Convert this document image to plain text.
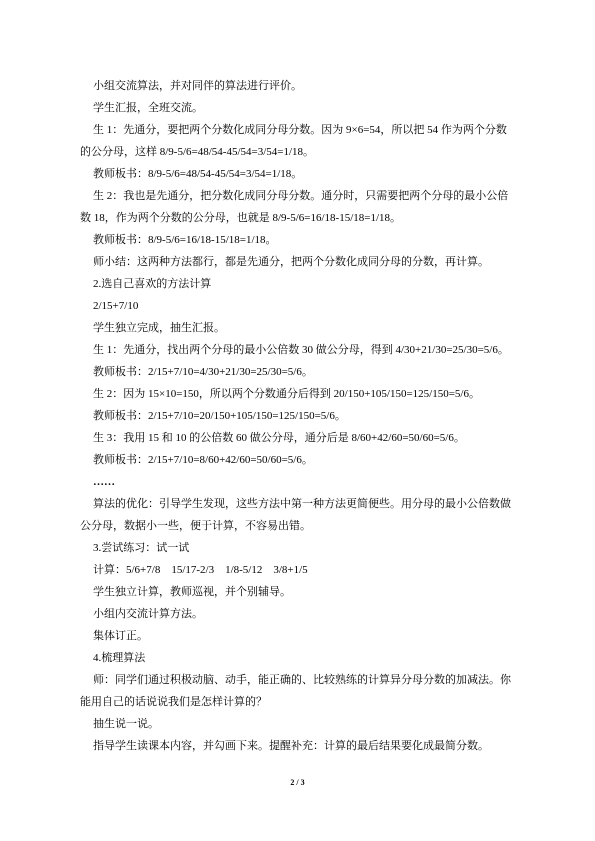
小组交流算法，并对同伴的算法进行评价。
学生汇报，全班交流。
生 1：先通分，要把两个分数化成同分母分数。因为 9×6=54，所以把 54 作为两个分数
的公分母，这样 8/9-5/6=48/54-45/54=3/54=1/18。
教师板书：8/9-5/6=48/54-45/54=3/54=1/18。
生 2：我也是先通分，把分数化成同分母分数。通分时，只需要把两个分母的最小公倍
数 18，作为两个分数的公分母，也就是 8/9-5/6=16/18-15/18=1/18。
教师板书：8/9-5/6=16/18-15/18=1/18。
师小结：这两种方法都行，都是先通分，把两个分数化成同分母的分数，再计算。
2.选自己喜欢的方法计算
2/15+7/10
学生独立完成，抽生汇报。
生 1：先通分，找出两个分母的最小公倍数 30 做公分母，得到 4/30+21/30=25/30=5/6。
教师板书：2/15+7/10=4/30+21/30=25/30=5/6。
生 2：因为 15×10=150，所以两个分数通分后得到 20/150+105/150=125/150=5/6。
教师板书：2/15+7/10=20/150+105/150=125/150=5/6。
生 3：我用 15 和 10 的公倍数 60 做公分母，通分后是 8/60+42/60=50/60=5/6。
教师板书：2/15+7/10=8/60+42/60=50/60=5/6。
……
算法的优化：引导学生发现，这些方法中第一种方法更简便些。用分母的最小公倍数做
公分母，数据小一些，便于计算，不容易出错。
3.尝试练习：试一试
计算：5/6+7/8    15/17-2/3    1/8-5/12    3/8+1/5
学生独立计算，教师巡视，并个别辅导。
小组内交流计算方法。
集体订正。
4.梳理算法
师：同学们通过积极动脑、动手，能正确的、比较熟练的计算异分母分数的加减法。你
能用自己的话说说我们是怎样计算的？
抽生说一说。
指导学生读课本内容，并勾画下来。提醒补充：计算的最后结果要化成最简分数。
2 / 3
